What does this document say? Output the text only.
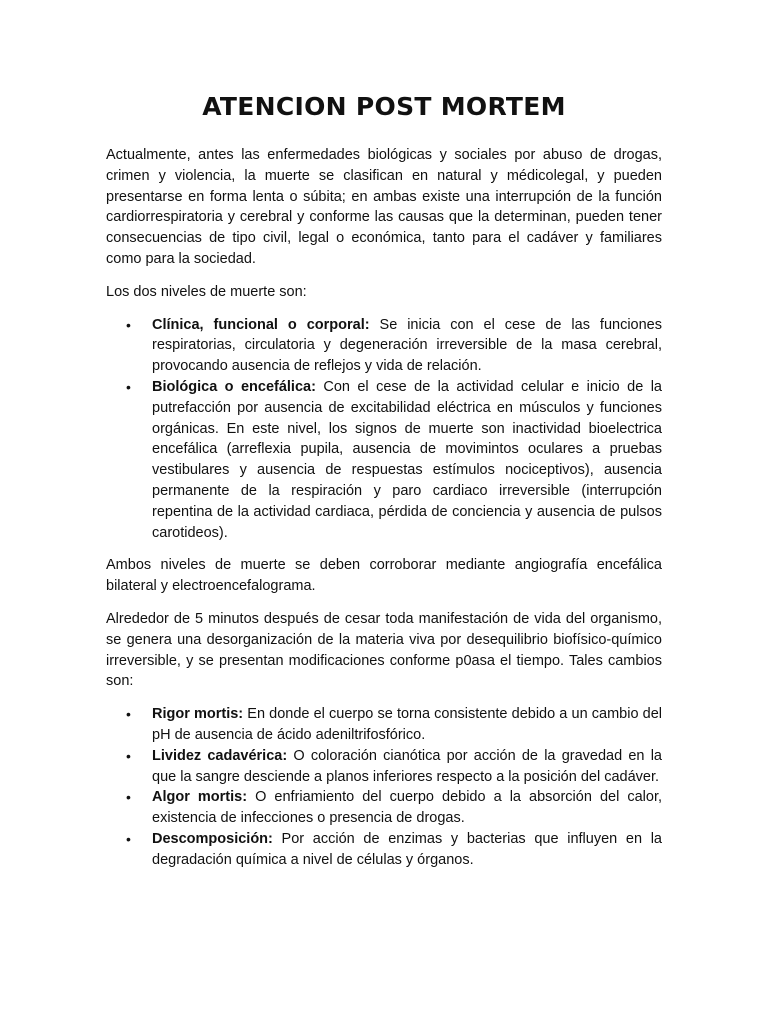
ATENCION POST MORTEM

Actualmente, antes las enfermedades biológicas y sociales por abuso de drogas, crimen y violencia, la muerte se clasifican en natural y médicolegal, y pueden presentarse en forma lenta o súbita; en ambas existe una interrupción de la función cardiorrespiratoria y cerebral y conforme las causas que la determinan, pueden tener consecuencias de tipo civil, legal o económica, tanto para el cadáver y familiares como para la sociedad.

Los dos niveles de muerte son:

• Clínica, funcional o corporal: Se inicia con el cese de las funciones respiratorias, circulatoria y degeneración irreversible de la masa cerebral, provocando ausencia de reflejos y vida de relación.
• Biológica o encefálica: Con el cese de la actividad celular e inicio de la putrefacción por ausencia de excitabilidad eléctrica en músculos y funciones orgánicas. En este nivel, los signos de muerte son inactividad bioelectrica encefálica (arreflexia pupila, ausencia de movimintos oculares a pruebas vestibulares y ausencia de respuestas estímulos nociceptivos), ausencia permanente de la respiración y paro cardiaco irreversible (interrupción repentina de la actividad cardiaca, pérdida de conciencia y ausencia de pulsos carotideos).

Ambos niveles de muerte se deben corroborar mediante angiografía encefálica bilateral y electroencefalograma.

Alrededor de 5 minutos después de cesar toda manifestación de vida del organismo, se genera una desorganización de la materia viva por desequilibrio biofísico-químico irreversible, y se presentan modificaciones conforme p0asa el tiempo. Tales cambios son:

• Rigor mortis: En donde el cuerpo se torna consistente debido a un cambio del pH de ausencia de ácido adeniltrifosfórico.
• Lividez cadavérica: O coloración cianótica por acción de la gravedad en la que la sangre desciende a planos inferiores respecto a la posición del cadáver.
• Algor mortis: O enfriamiento del cuerpo debido a la absorción del calor, existencia de infecciones o presencia de drogas.
• Descomposición: Por acción de enzimas y bacterias que influyen en la degradación química a nivel de células y órganos.
